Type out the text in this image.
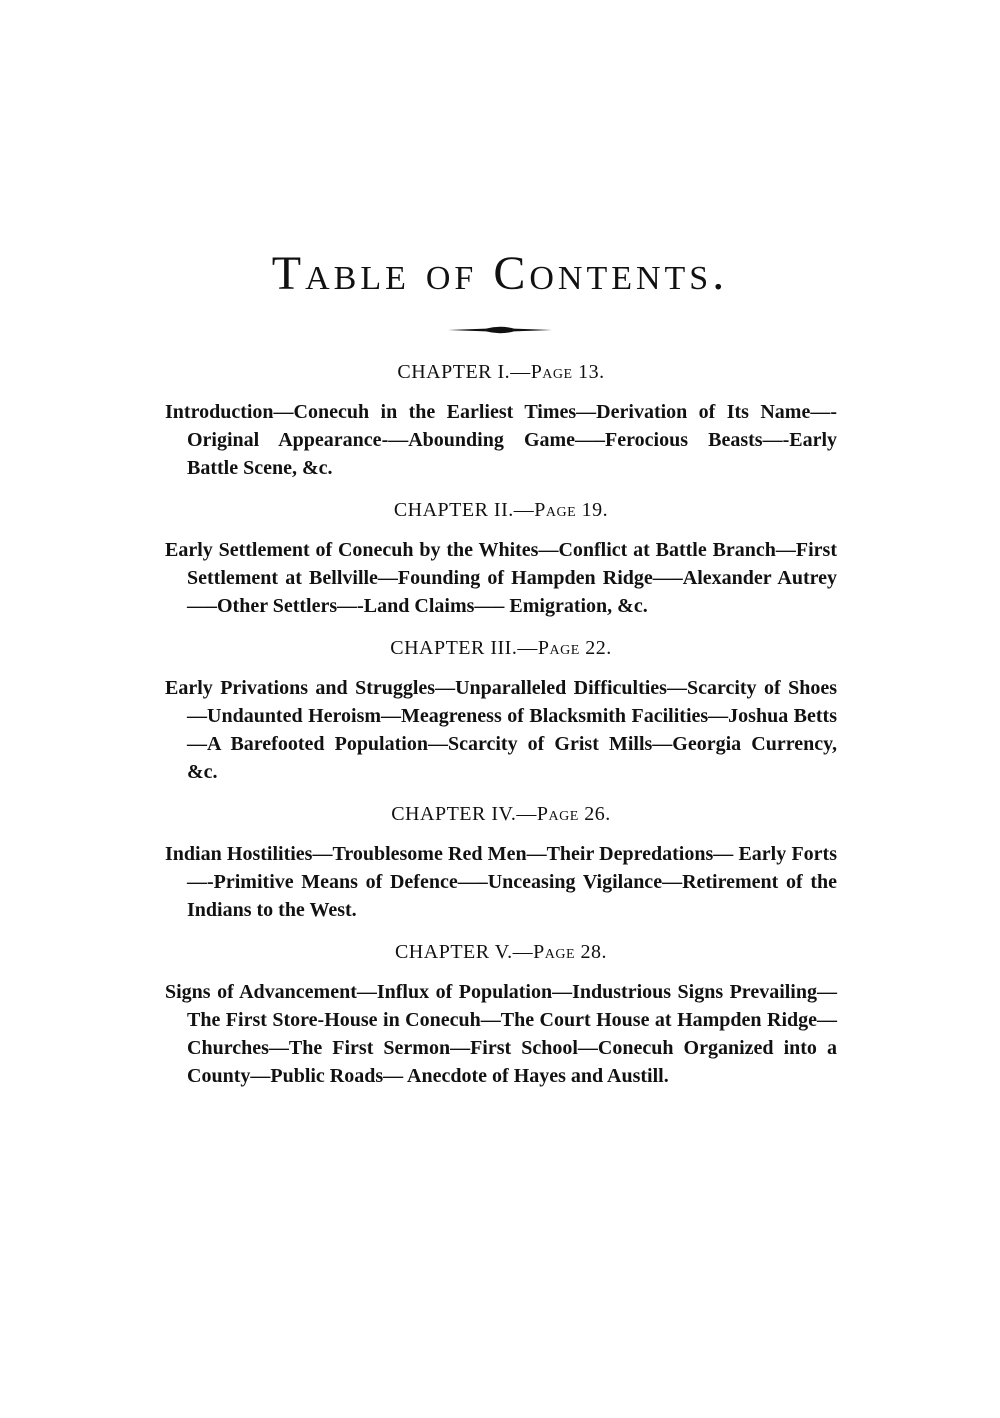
Table of Contents.

CHAPTER I.—Page 13.

Introduction—Conecuh in the Earliest Times—Derivation of Its Name—-Original Appearance-—Abounding Game—–Ferocious Beasts—-Early Battle Scene, &c.

CHAPTER II.—Page 19.

Early Settlement of Conecuh by the Whites—Conflict at Battle Branch—First Settlement at Bellville—Founding of Hampden Ridge—–Alexander Autrey—–Other Settlers—-Land Claims—– Emigration, &c.

CHAPTER III.—Page 22.

Early Privations and Struggles—Unparalleled Difficulties—Scarcity of Shoes—Undaunted Heroism—Meagreness of Blacksmith Facilities—Joshua Betts—A Barefooted Population—Scarcity of Grist Mills—Georgia Currency, &c.

CHAPTER IV.—Page 26.

Indian Hostilities—Troublesome Red Men—Their Depredations— Early Forts—-Primitive Means of Defence—–Unceasing Vigilance—Retirement of the Indians to the West.

CHAPTER V.—Page 28.

Signs of Advancement—Influx of Population—Industrious Signs Prevailing—The First Store-House in Conecuh—The Court House at Hampden Ridge—Churches—The First Sermon—First School—Conecuh Organized into a County—Public Roads— Anecdote of Hayes and Austill.
